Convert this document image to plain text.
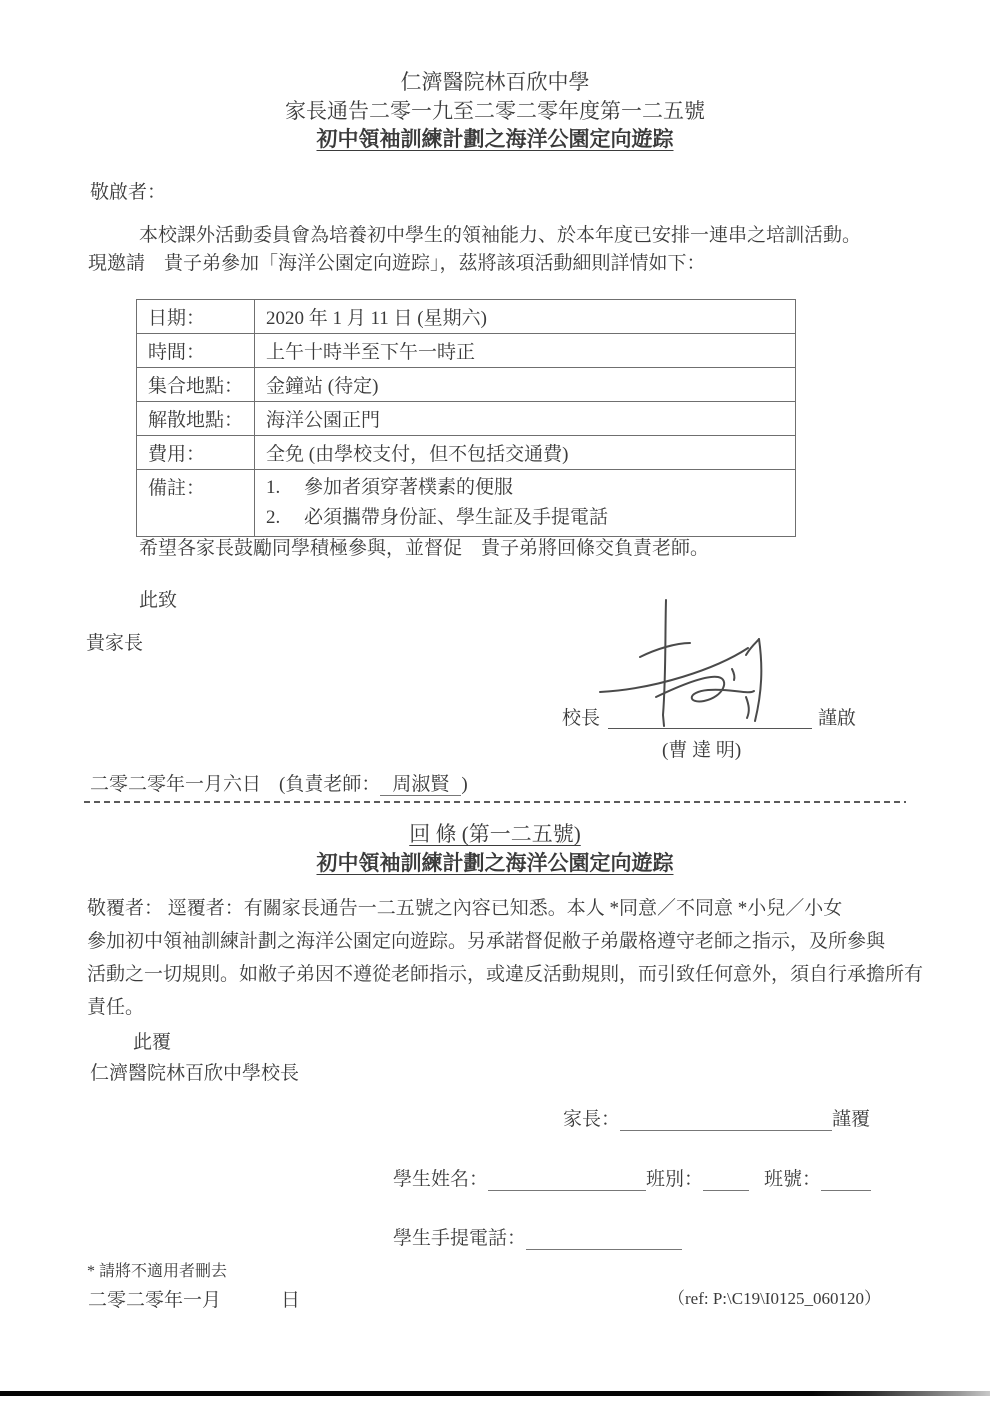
仁濟醫院林百欣中學
家長通告二零一九至二零二零年度第一二五號
初中領袖訓練計劃之海洋公園定向遊踪
敬啟者：
本校課外活動委員會為培養初中學生的領袖能力、於本年度已安排一連串之培訓活動。
現邀請　貴子弟參加「海洋公園定向遊踪」，茲將該項活動細則詳情如下：
日期：	2020 年 1 月 11 日 (星期六)
時間：	上午十時半至下午一時正
集合地點：	金鐘站 (待定)
解散地點：	海洋公園正門
費用：	全免 (由學校支付，但不包括交通費)
備註：	1.　 參加者須穿著樸素的便服
2.　 必須攜帶身份証、學生証及手提電話
希望各家長鼓勵同學積極參與，並督促　貴子弟將回條交負責老師。
此致
貴家長
校長	謹啟
(曹 達 明)
二零二零年一月六日 (負責老師： 周淑賢 )
回 條 (第一二五號)
初中領袖訓練計劃之海洋公園定向遊踪
敬覆者： 逕覆者：有關家長通告一二五號之內容已知悉。本人 *同意／不同意 *小兒／小女
參加初中領袖訓練計劃之海洋公園定向遊踪。另承諾督促敝子弟嚴格遵守老師之指示，及所參與
活動之一切規則。如敝子弟因不遵從老師指示，或違反活動規則，而引致任何意外，須自行承擔所有
責任。
此覆
仁濟醫院林百欣中學校長
家長：	謹覆
學生姓名：	班別：	班號：
學生手提電話：
* 請將不適用者刪去
二零二零年一月	日	（ref: P:\C19\I0125_060120）
